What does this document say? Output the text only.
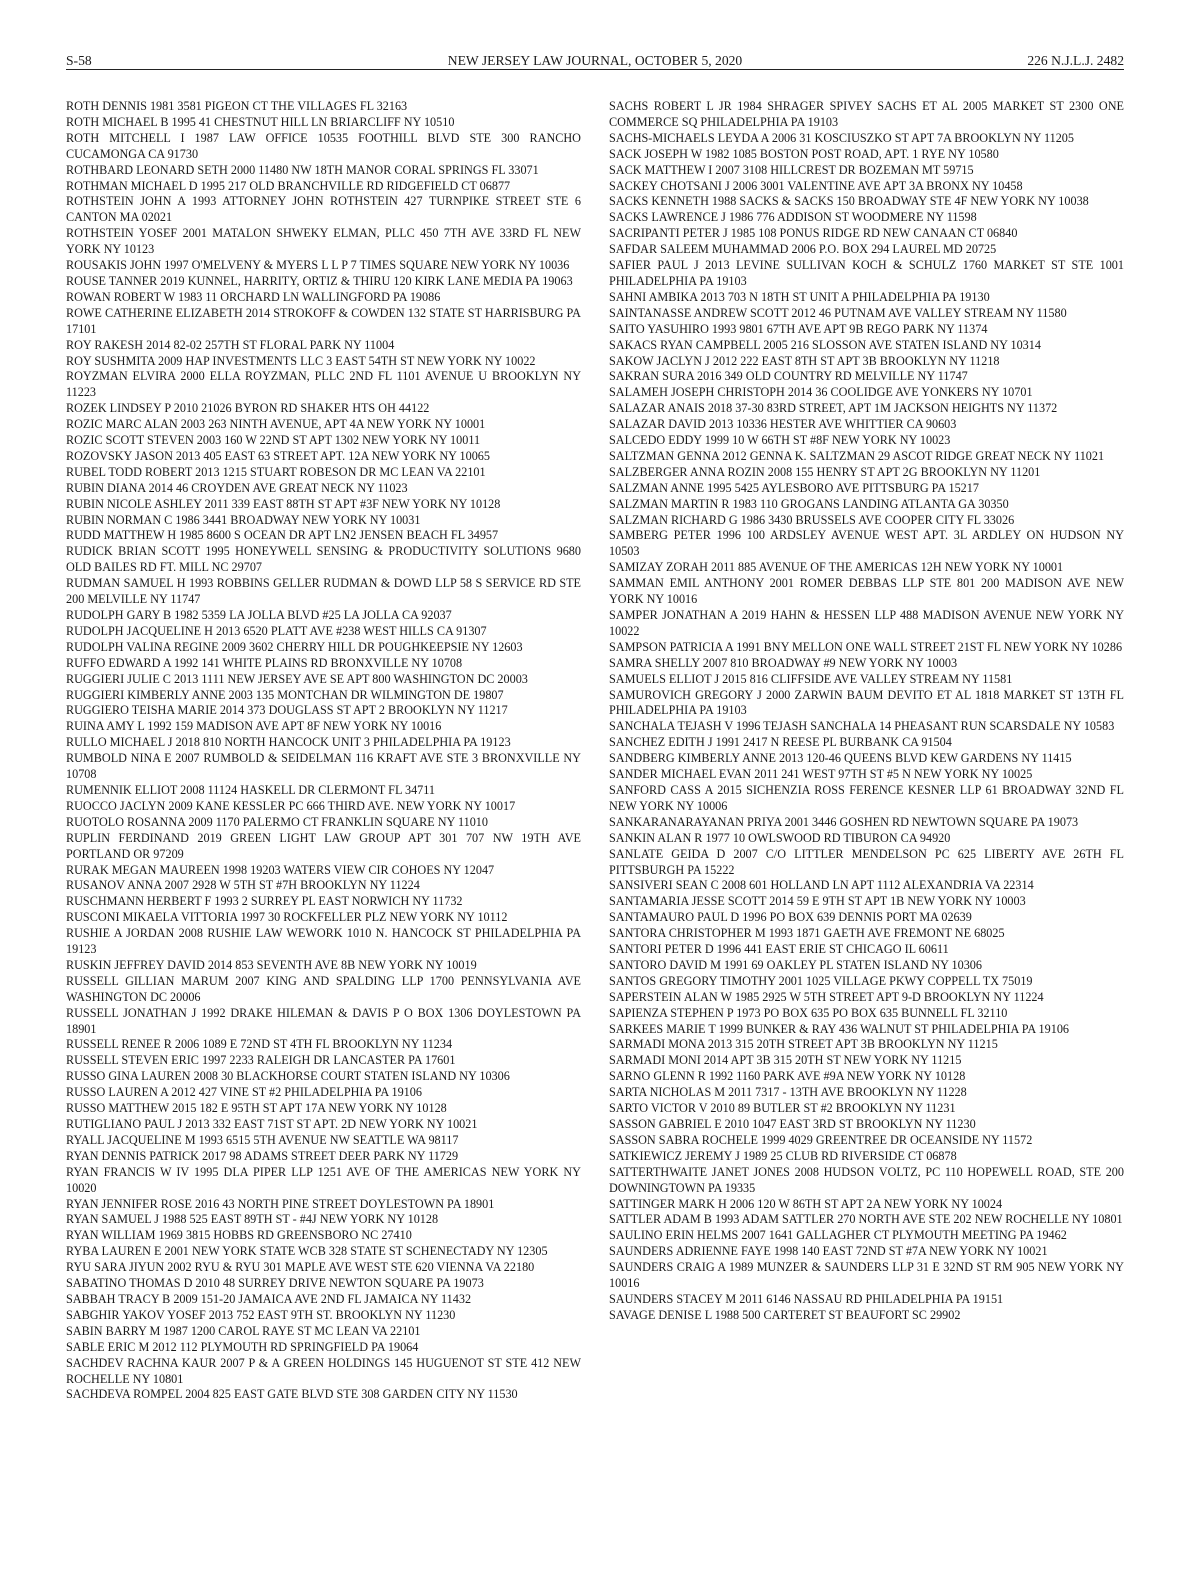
S-58	NEW JERSEY LAW JOURNAL, OCTOBER 5, 2020	226 N.J.L.J. 2482

ROTH DENNIS 1981 3581 PIGEON CT THE VILLAGES FL 32163

ROTH MICHAEL B 1995 41 CHESTNUT HILL LN BRIARCLIFF NY 10510

ROTH MITCHELL I 1987 LAW OFFICE 10535 FOOTHILL BLVD STE 300 RANCHO CUCAMONGA CA 91730

ROTHBARD LEONARD SETH 2000 11480 NW 18TH MANOR CORAL SPRINGS FL 33071

ROTHMAN MICHAEL D 1995 217 OLD BRANCHVILLE RD RIDGEFIELD CT 06877

ROTHSTEIN JOHN A 1993 ATTORNEY JOHN ROTHSTEIN 427 TURNPIKE STREET STE 6 CANTON MA 02021

ROTHSTEIN YOSEF 2001 MATALON SHWEKY ELMAN, PLLC 450 7TH AVE 33RD FL NEW YORK NY 10123

ROUSAKIS JOHN 1997 O'MELVENY & MYERS L L P 7 TIMES SQUARE NEW YORK NY 10036

ROUSE TANNER 2019 KUNNEL, HARRITY, ORTIZ & THIRU 120 KIRK LANE MEDIA PA 19063

ROWAN ROBERT W 1983 11 ORCHARD LN WALLINGFORD PA 19086

ROWE CATHERINE ELIZABETH 2014 STROKOFF & COWDEN 132 STATE ST HARRISBURG PA 17101

ROY RAKESH 2014 82-02 257TH ST FLORAL PARK NY 11004

ROY SUSHMITA 2009 HAP INVESTMENTS LLC 3 EAST 54TH ST NEW YORK NY 10022

ROYZMAN ELVIRA 2000 ELLA ROYZMAN, PLLC 2ND FL 1101 AVENUE U BROOKLYN NY 11223

ROZEK LINDSEY P 2010 21026 BYRON RD SHAKER HTS OH 44122

ROZIC MARC ALAN 2003 263 NINTH AVENUE, APT 4A NEW YORK NY 10001

ROZIC SCOTT STEVEN 2003 160 W 22ND ST APT 1302 NEW YORK NY 10011

ROZOVSKY JASON 2013 405 EAST 63 STREET APT. 12A NEW YORK NY 10065

RUBEL TODD ROBERT 2013 1215 STUART ROBESON DR MC LEAN VA 22101

RUBIN DIANA 2014 46 CROYDEN AVE GREAT NECK NY 11023

RUBIN NICOLE ASHLEY 2011 339 EAST 88TH ST APT #3F NEW YORK NY 10128

RUBIN NORMAN C 1986 3441 BROADWAY NEW YORK NY 10031

RUDD MATTHEW H 1985 8600 S OCEAN DR APT LN2 JENSEN BEACH FL 34957

RUDICK BRIAN SCOTT 1995 HONEYWELL SENSING & PRODUCTIVITY SOLUTIONS 9680 OLD BAILES RD FT. MILL NC 29707

RUDMAN SAMUEL H 1993 ROBBINS GELLER RUDMAN & DOWD LLP 58 S SERVICE RD STE 200 MELVILLE NY 11747

RUDOLPH GARY B 1982 5359 LA JOLLA BLVD #25 LA JOLLA CA 92037

RUDOLPH JACQUELINE H 2013 6520 PLATT AVE #238 WEST HILLS CA 91307

RUDOLPH VALINA REGINE 2009 3602 CHERRY HILL DR POUGHKEEPSIE NY 12603

RUFFO EDWARD A 1992 141 WHITE PLAINS RD BRONXVILLE NY 10708

RUGGIERI JULIE C 2013 1111 NEW JERSEY AVE SE APT 800 WASHINGTON DC 20003

RUGGIERI KIMBERLY ANNE 2003 135 MONTCHAN DR WILMINGTON DE 19807

RUGGIERO TEISHA MARIE 2014 373 DOUGLASS ST APT 2 BROOKLYN NY 11217

RUINA AMY L 1992 159 MADISON AVE APT 8F NEW YORK NY 10016

RULLO MICHAEL J 2018 810 NORTH HANCOCK UNIT 3 PHILADELPHIA PA 19123

RUMBOLD NINA E 2007 RUMBOLD & SEIDELMAN 116 KRAFT AVE STE 3 BRONXVILLE NY 10708

RUMENNIK ELLIOT 2008 11124 HASKELL DR CLERMONT FL 34711

RUOCCO JACLYN 2009 KANE KESSLER PC 666 THIRD AVE. NEW YORK NY 10017

RUOTOLO ROSANNA 2009 1170 PALERMO CT FRANKLIN SQUARE NY 11010

RUPLIN FERDINAND 2019 GREEN LIGHT LAW GROUP APT 301 707 NW 19TH AVE PORTLAND OR 97209

RURAK MEGAN MAUREEN 1998 19203 WATERS VIEW CIR COHOES NY 12047

RUSANOV ANNA 2007 2928 W 5TH ST #7H BROOKLYN NY 11224

RUSCHMANN HERBERT F 1993 2 SURREY PL EAST NORWICH NY 11732

RUSCONI MIKAELA VITTORIA 1997 30 ROCKFELLER PLZ NEW YORK NY 10112

RUSHIE A JORDAN 2008 RUSHIE LAW WEWORK 1010 N. HANCOCK ST PHILADELPHIA PA 19123

RUSKIN JEFFREY DAVID 2014 853 SEVENTH AVE 8B NEW YORK NY 10019

RUSSELL GILLIAN MARUM 2007 KING AND SPALDING LLP 1700 PENNSYLVANIA AVE WASHINGTON DC 20006

RUSSELL JONATHAN J 1992 DRAKE HILEMAN & DAVIS P O BOX 1306 DOYLESTOWN PA 18901

RUSSELL RENEE R 2006 1089 E 72ND ST 4TH FL BROOKLYN NY 11234

RUSSELL STEVEN ERIC 1997 2233 RALEIGH DR LANCASTER PA 17601

RUSSO GINA LAUREN 2008 30 BLACKHORSE COURT STATEN ISLAND NY 10306

RUSSO LAUREN A 2012 427 VINE ST #2 PHILADELPHIA PA 19106

RUSSO MATTHEW 2015 182 E 95TH ST APT 17A NEW YORK NY 10128

RUTIGLIANO PAUL J 2013 332 EAST 71ST ST APT. 2D NEW YORK NY 10021

RYALL JACQUELINE M 1993 6515 5TH AVENUE NW SEATTLE WA 98117

RYAN DENNIS PATRICK 2017 98 ADAMS STREET DEER PARK NY 11729

RYAN FRANCIS W IV 1995 DLA PIPER LLP 1251 AVE OF THE AMERICAS NEW YORK NY 10020

RYAN JENNIFER ROSE 2016 43 NORTH PINE STREET DOYLESTOWN PA 18901

RYAN SAMUEL J 1988 525 EAST 89TH ST - #4J NEW YORK NY 10128

RYAN WILLIAM 1969 3815 HOBBS RD GREENSBORO NC 27410

RYBA LAUREN E 2001 NEW YORK STATE WCB 328 STATE ST SCHENECTADY NY 12305

RYU SARA JIYUN 2002 RYU & RYU 301 MAPLE AVE WEST STE 620 VIENNA VA 22180

SABATINO THOMAS D 2010 48 SURREY DRIVE NEWTON SQUARE PA 19073

SABBAH TRACY B 2009 151-20 JAMAICA AVE 2ND FL JAMAICA NY 11432

SABGHIR YAKOV YOSEF 2013 752 EAST 9TH ST. BROOKLYN NY 11230

SABIN BARRY M 1987 1200 CAROL RAYE ST MC LEAN VA 22101

SABLE ERIC M 2012 112 PLYMOUTH RD SPRINGFIELD PA 19064

SACHDEV RACHNA KAUR 2007 P & A GREEN HOLDINGS 145 HUGUENOT ST STE 412 NEW ROCHELLE NY 10801

SACHDEVA ROMPEL 2004 825 EAST GATE BLVD STE 308 GARDEN CITY NY 11530

SACHS ROBERT L JR 1984 SHRAGER SPIVEY SACHS ET AL 2005 MARKET ST 2300 ONE COMMERCE SQ PHILADELPHIA PA 19103

SACHS-MICHAELS LEYDA A 2006 31 KOSCIUSZKO ST APT 7A BROOKLYN NY 11205

SACK JOSEPH W 1982 1085 BOSTON POST ROAD, APT. 1 RYE NY 10580

SACK MATTHEW I 2007 3108 HILLCREST DR BOZEMAN MT 59715

SACKEY CHOTSANI J 2006 3001 VALENTINE AVE APT 3A BRONX NY 10458

SACKS KENNETH 1988 SACKS & SACKS 150 BROADWAY STE 4F NEW YORK NY 10038

SACKS LAWRENCE J 1986 776 ADDISON ST WOODMERE NY 11598

SACRIPANTI PETER J 1985 108 PONUS RIDGE RD NEW CANAAN CT 06840

SAFDAR SALEEM MUHAMMAD 2006 P.O. BOX 294 LAUREL MD 20725

SAFIER PAUL J 2013 LEVINE SULLIVAN KOCH & SCHULZ 1760 MARKET ST STE 1001 PHILADELPHIA PA 19103

SAHNI AMBIKA 2013 703 N 18TH ST UNIT A PHILADELPHIA PA 19130

SAINTANASSE ANDREW SCOTT 2012 46 PUTNAM AVE VALLEY STREAM NY 11580

SAITO YASUHIRO 1993 9801 67TH AVE APT 9B REGO PARK NY 11374

SAKACS RYAN CAMPBELL 2005 216 SLOSSON AVE STATEN ISLAND NY 10314

SAKOW JACLYN J 2012 222 EAST 8TH ST APT 3B BROOKLYN NY 11218

SAKRAN SURA 2016 349 OLD COUNTRY RD MELVILLE NY 11747

SALAMEH JOSEPH CHRISTOPH 2014 36 COOLIDGE AVE YONKERS NY 10701

SALAZAR ANAIS 2018 37-30 83RD STREET, APT 1M JACKSON HEIGHTS NY 11372

SALAZAR DAVID 2013 10336 HESTER AVE WHITTIER CA 90603

SALCEDO EDDY 1999 10 W 66TH ST #8F NEW YORK NY 10023

SALTZMAN GENNA 2012 GENNA K. SALTZMAN 29 ASCOT RIDGE GREAT NECK NY 11021

SALZBERGER ANNA ROZIN 2008 155 HENRY ST APT 2G BROOKLYN NY 11201

SALZMAN ANNE 1995 5425 AYLESBORO AVE PITTSBURG PA 15217

SALZMAN MARTIN R 1983 110 GROGANS LANDING ATLANTA GA 30350

SALZMAN RICHARD G 1986 3430 BRUSSELS AVE COOPER CITY FL 33026

SAMBERG PETER 1996 100 ARDSLEY AVENUE WEST APT. 3L ARDLEY ON HUDSON NY 10503

SAMIZAY ZORAH 2011 885 AVENUE OF THE AMERICAS 12H NEW YORK NY 10001

SAMMAN EMIL ANTHONY 2001 ROMER DEBBAS LLP STE 801 200 MADISON AVE NEW YORK NY 10016

SAMPER JONATHAN A 2019 HAHN & HESSEN LLP 488 MADISON AVENUE NEW YORK NY 10022

SAMPSON PATRICIA A 1991 BNY MELLON ONE WALL STREET 21ST FL NEW YORK NY 10286

SAMRA SHELLY 2007 810 BROADWAY #9 NEW YORK NY 10003

SAMUELS ELLIOT J 2015 816 CLIFFSIDE AVE VALLEY STREAM NY 11581

SAMUROVICH GREGORY J 2000 ZARWIN BAUM DEVITO ET AL 1818 MARKET ST 13TH FL PHILADELPHIA PA 19103

SANCHALA TEJASH V 1996 TEJASH SANCHALA 14 PHEASANT RUN SCARSDALE NY 10583

SANCHEZ EDITH J 1991 2417 N REESE PL BURBANK CA 91504

SANDBERG KIMBERLY ANNE 2013 120-46 QUEENS BLVD KEW GARDENS NY 11415

SANDER MICHAEL EVAN 2011 241 WEST 97TH ST #5 N NEW YORK NY 10025

SANFORD CASS A 2015 SICHENZIA ROSS FERENCE KESNER LLP 61 BROADWAY 32ND FL NEW YORK NY 10006

SANKARANARAYANAN PRIYA 2001 3446 GOSHEN RD NEWTOWN SQUARE PA 19073

SANKIN ALAN R 1977 10 OWLSWOOD RD TIBURON CA 94920

SANLATE GEIDA D 2007 C/O LITTLER MENDELSON PC 625 LIBERTY AVE 26TH FL PITTSBURGH PA 15222

SANSIVERI SEAN C 2008 601 HOLLAND LN APT 1112 ALEXANDRIA VA 22314

SANTAMARIA JESSE SCOTT 2014 59 E 9TH ST APT 1B NEW YORK NY 10003

SANTAMAURO PAUL D 1996 PO BOX 639 DENNIS PORT MA 02639

SANTORA CHRISTOPHER M 1993 1871 GAETH AVE FREMONT NE 68025

SANTORI PETER D 1996 441 EAST ERIE ST CHICAGO IL 60611

SANTORO DAVID M 1991 69 OAKLEY PL STATEN ISLAND NY 10306

SANTOS GREGORY TIMOTHY 2001 1025 VILLAGE PKWY COPPELL TX 75019

SAPERSTEIN ALAN W 1985 2925 W 5TH STREET APT 9-D BROOKLYN NY 11224

SAPIENZA STEPHEN P 1973 PO BOX 635 PO BOX 635 BUNNELL FL 32110

SARKEES MARIE T 1999 BUNKER & RAY 436 WALNUT ST PHILADELPHIA PA 19106

SARMADI MONA 2013 315 20TH STREET APT 3B BROOKLYN NY 11215

SARMADI MONI 2014 APT 3B 315 20TH ST NEW YORK NY 11215

SARNO GLENN R 1992 1160 PARK AVE #9A NEW YORK NY 10128

SARTA NICHOLAS M 2011 7317 - 13TH AVE BROOKLYN NY 11228

SARTO VICTOR V 2010 89 BUTLER ST #2 BROOKLYN NY 11231

SASSON GABRIEL E 2010 1047 EAST 3RD ST BROOKLYN NY 11230

SASSON SABRA ROCHELE 1999 4029 GREENTREE DR OCEANSIDE NY 11572

SATKIEWICZ JEREMY J 1989 25 CLUB RD RIVERSIDE CT 06878

SATTERTHWAITE JANET JONES 2008 HUDSON VOLTZ, PC 110 HOPEWELL ROAD, STE 200 DOWNINGTOWN PA 19335

SATTINGER MARK H 2006 120 W 86TH ST APT 2A NEW YORK NY 10024

SATTLER ADAM B 1993 ADAM SATTLER 270 NORTH AVE STE 202 NEW ROCHELLE NY 10801

SAULINO ERIN HELMS 2007 1641 GALLAGHER CT PLYMOUTH MEETING PA 19462

SAUNDERS ADRIENNE FAYE 1998 140 EAST 72ND ST #7A NEW YORK NY 10021

SAUNDERS CRAIG A 1989 MUNZER & SAUNDERS LLP 31 E 32ND ST RM 905 NEW YORK NY 10016

SAUNDERS STACEY M 2011 6146 NASSAU RD PHILADELPHIA PA 19151

SAVAGE DENISE L 1988 500 CARTERET ST BEAUFORT SC 29902
